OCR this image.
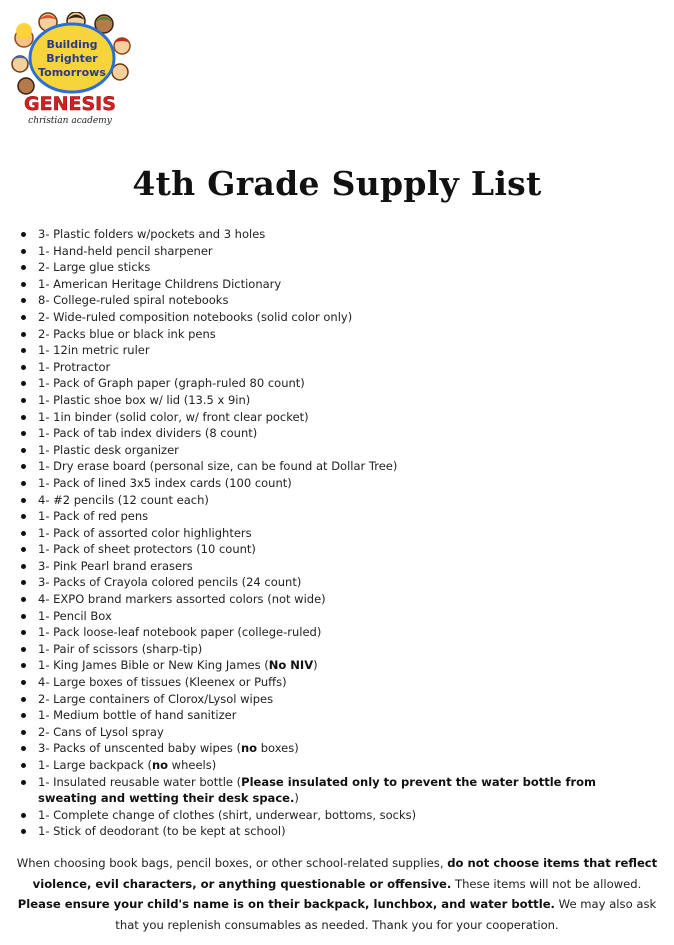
Building
Brighter
Tomorrows
GENESIS
christian academy
4th Grade Supply List
3- Plastic folders w/pockets and 3 holes
1- Hand-held pencil sharpener
2- Large glue sticks
1- American Heritage Childrens Dictionary
8- College-ruled spiral notebooks
2- Wide-ruled composition notebooks (solid color only)
2- Packs blue or black ink pens
1- 12in metric ruler
1- Protractor
1- Pack of Graph paper (graph-ruled 80 count)
1- Plastic shoe box w/ lid (13.5 x 9in)
1- 1in binder (solid color, w/ front clear pocket)
1- Pack of tab index dividers (8 count)
1- Plastic desk organizer
1- Dry erase board (personal size, can be found at Dollar Tree)
1- Pack of lined 3x5 index cards (100 count)
4- #2 pencils (12 count each)
1- Pack of red pens
1- Pack of assorted color highlighters
1- Pack of sheet protectors (10 count)
3- Pink Pearl brand erasers
3- Packs of Crayola colored pencils (24 count)
4- EXPO brand markers assorted colors (not wide)
1- Pencil Box
1- Pack loose-leaf notebook paper (college-ruled)
1- Pair of scissors (sharp-tip)
1- King James Bible or New King James (No NIV)
4- Large boxes of tissues (Kleenex or Puffs)
2- Large containers of Clorox/Lysol wipes
1- Medium bottle of hand sanitizer
2- Cans of Lysol spray
3- Packs of unscented baby wipes (no boxes)
1- Large backpack (no wheels)
1- Insulated reusable water bottle (Please insulated only to prevent the water bottle from sweating and wetting their desk space.)
1- Complete change of clothes (shirt, underwear, bottoms, socks)
1- Stick of deodorant (to be kept at school)

When choosing book bags, pencil boxes, or other school-related supplies, do not choose items that reflect violence, evil characters, or anything questionable or offensive. These items will not be allowed. Please ensure your child's name is on their backpack, lunchbox, and water bottle. We may also ask that you replenish consumables as needed. Thank you for your cooperation.
